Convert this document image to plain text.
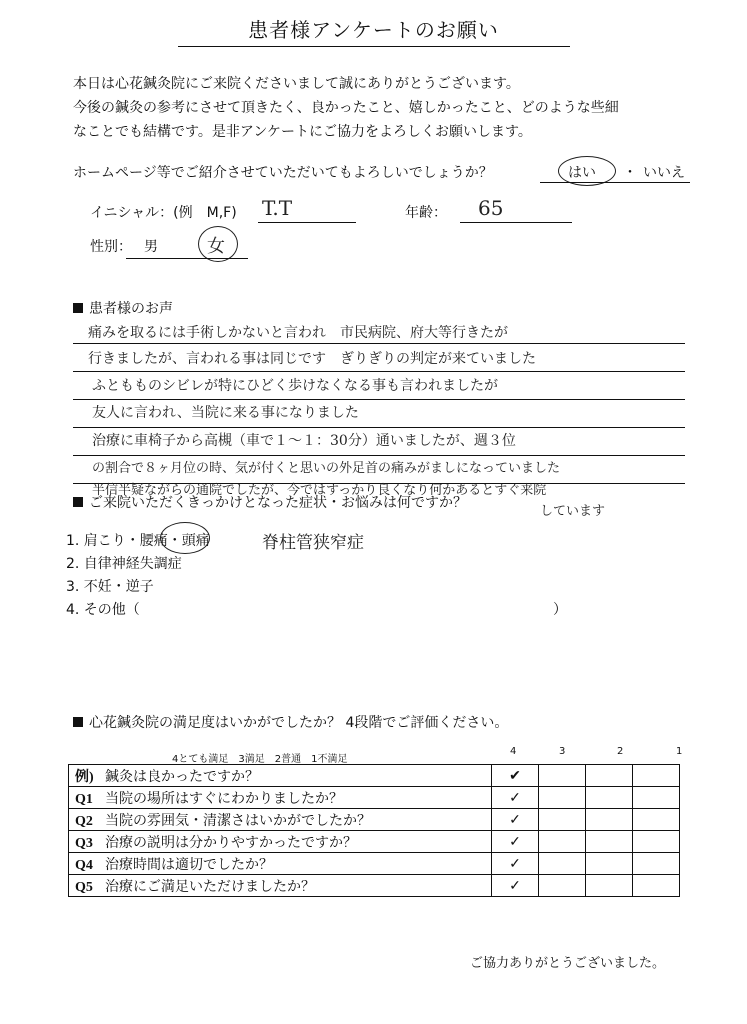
患者様アンケートのお願い
本日は心花鍼灸院にご来院くださいまして誠にありがとうございます。
今後の鍼灸の参考にさせて頂きたく、良かったこと、嬉しかったこと、どのような些細
なことでも結構です。是非アンケートにご協力をよろしくお願いします。
ホームページ等でご紹介させていただいてもよろしいでしょうか？	はい ・ いいえ
イニシャル：(例　M,F) T.T	年齢： 65
性別： 男	女
患者様のお声
痛みを取るには手術しかないと言われ　市民病院、府大等行きたが
行きましたが、言われる事は同じです　ぎりぎりの判定が来ていました
ふともものシビレが特にひどく歩けなくなる事も言われましたが
友人に言われ、当院に来る事になりました
治療に車椅子から高槻（車で１～１：30分）通いましたが、週３位
の割合で８ヶ月位の時、気が付くと思いの外足首の痛みがましになっていました
半信半疑ながらの通院でしたが、今ではすっかり良くなり何かあるとすぐ来院
しています
ご来院いただくきっかけとなった症状・お悩みは何ですか？
1. 肩こり・腰痛・頭痛	脊柱管狭窄症
2. 自律神経失調症
3. 不妊・逆子
4. その他（	）
心花鍼灸院の満足度はいかがでしたか？ 4段階でご評価ください。
4とても満足　3満足　2普通　1不満足
4	3	2	1
例) 鍼灸は良かったですか？	✔			
Q1 当院の場所はすぐにわかりましたか？	✓			
Q2 当院の雰囲気・清潔さはいかがでしたか？	✓			
Q3 治療の説明は分かりやすかったですか？	✓			
Q4 治療時間は適切でしたか？	✓			
Q5 治療にご満足いただけましたか？	✓			
ご協力ありがとうございました。
